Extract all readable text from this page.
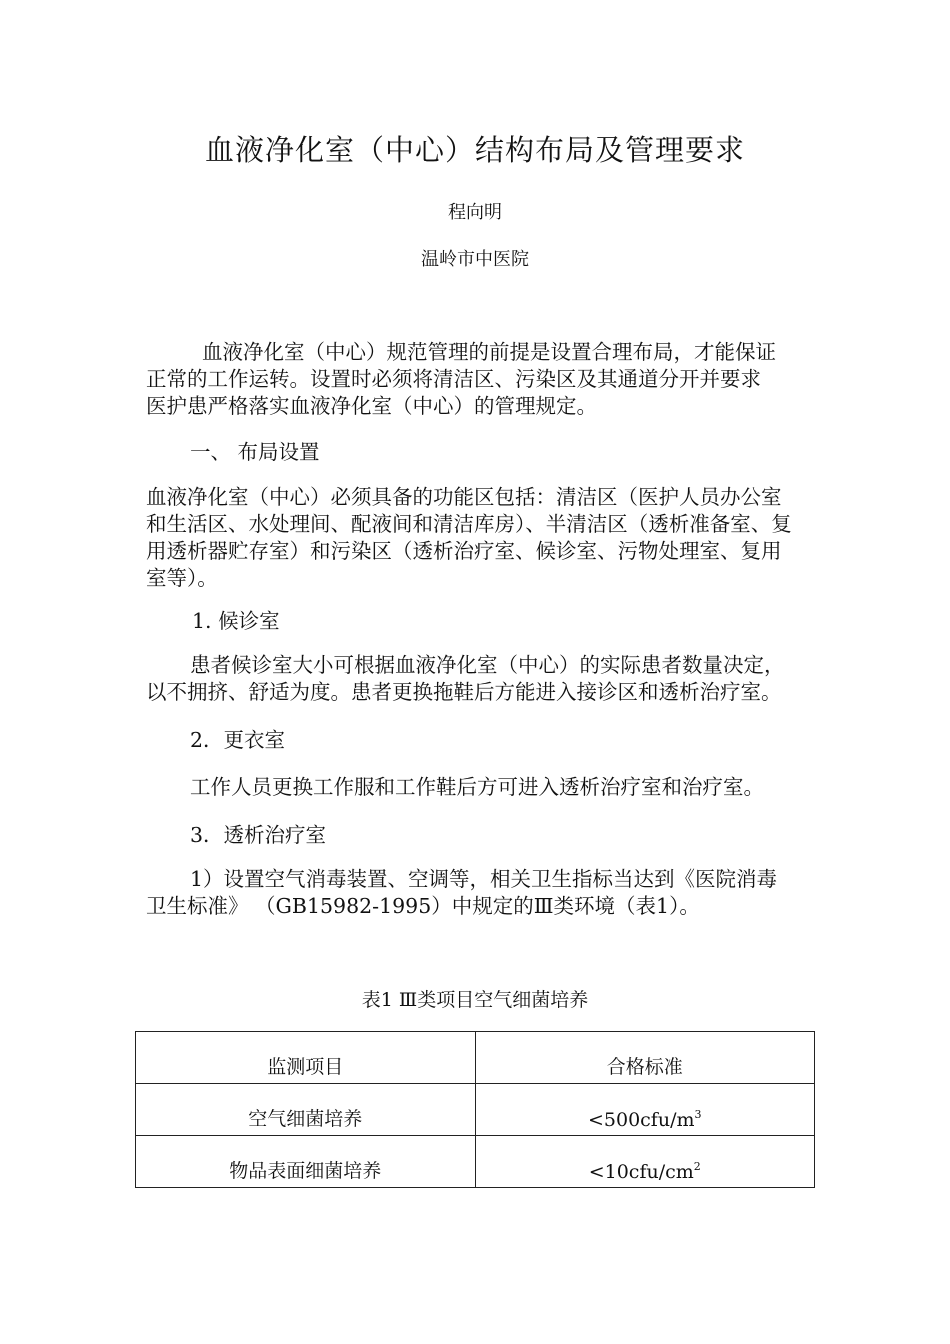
血液净化室（中心）结构布局及管理要求
程向明
温岭市中医院
血液净化室（中心）规范管理的前提是设置合理布局，才能保证
正常的工作运转。设置时必须将清洁区、污染区及其通道分开并要求
医护患严格落实血液净化室（中心）的管理规定。
一、 布局设置
血液净化室（中心）必须具备的功能区包括：清洁区（医护人员办公室
和生活区、水处理间、配液间和清洁库房）、半清洁区（透析准备室、复
用透析器贮存室）和污染区（透析治疗室、候诊室、污物处理室、复用
室等）。
1. 候诊室
患者候诊室大小可根据血液净化室（中心）的实际患者数量决定，
以不拥挤、舒适为度。患者更换拖鞋后方能进入接诊区和透析治疗室。
2．更衣室
工作人员更换工作服和工作鞋后方可进入透析治疗室和治疗室。
3．透析治疗室
1）设置空气消毒装置、空调等，相关卫生指标当达到《医院消毒
卫生标准》 （GB15982-1995）中规定的Ⅲ类环境（表1）。
表1 Ⅲ类项目空气细菌培养
监测项目	合格标准
空气细菌培养	$<500cfu/m^3$
物品表面细菌培养	$<10cfu/cm^2$
